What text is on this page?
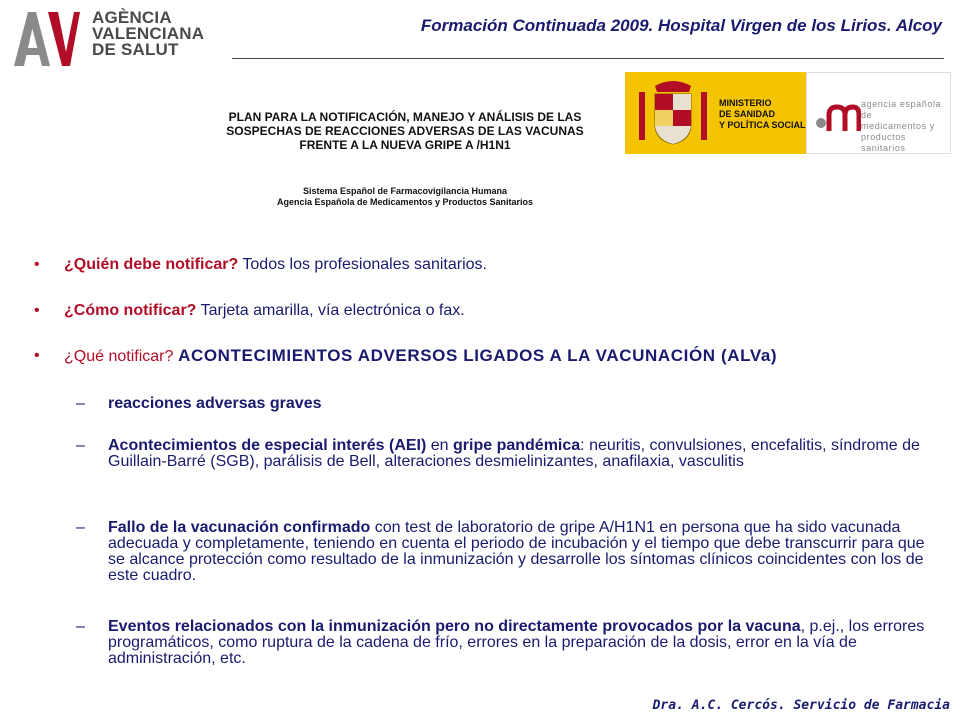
AGÈNCIA
VALENCIANA
DE SALUT
Formación Continuada 2009. Hospital Virgen de los Lirios. Alcoy
PLAN PARA LA NOTIFICACIÓN, MANEJO Y ANÁLISIS DE LAS
SOSPECHAS DE REACCIONES ADVERSAS DE LAS VACUNAS
FRENTE A LA NUEVA GRIPE A /H1N1
Sistema Español de Farmacovigilancia Humana
Agencia Española de Medicamentos y Productos Sanitarios
MINISTERIO
DE SANIDAD
Y POLÍTICA SOCIAL
agencia española de
medicamentos y
productos sanitarios
• ¿Quién debe notificar? Todos los profesionales sanitarios.
• ¿Cómo notificar? Tarjeta amarilla, vía electrónica o fax.
• ¿Qué notificar? ACONTECIMIENTOS ADVERSOS LIGADOS A LA VACUNACIÓN (ALVa)
– reacciones adversas graves
– Acontecimientos de especial interés (AEI) en gripe pandémica: neuritis, convulsiones, encefalitis, síndrome de Guillain-Barré (SGB), parálisis de Bell, alteraciones desmielinizantes, anafilaxia, vasculitis
– Fallo de la vacunación confirmado con test de laboratorio de gripe A/H1N1 en persona que ha sido vacunada adecuada y completamente, teniendo en cuenta el periodo de incubación y el tiempo que debe transcurrir para que se alcance protección como resultado de la inmunización y desarrolle los síntomas clínicos coincidentes con los de este cuadro.
– Eventos relacionados con la inmunización pero no directamente provocados por la vacuna, p.ej., los errores programáticos, como ruptura de la cadena de frío, errores en la preparación de la dosis, error en la vía de administración, etc.
Dra. A.C. Cercós. Servicio de Farmacia
